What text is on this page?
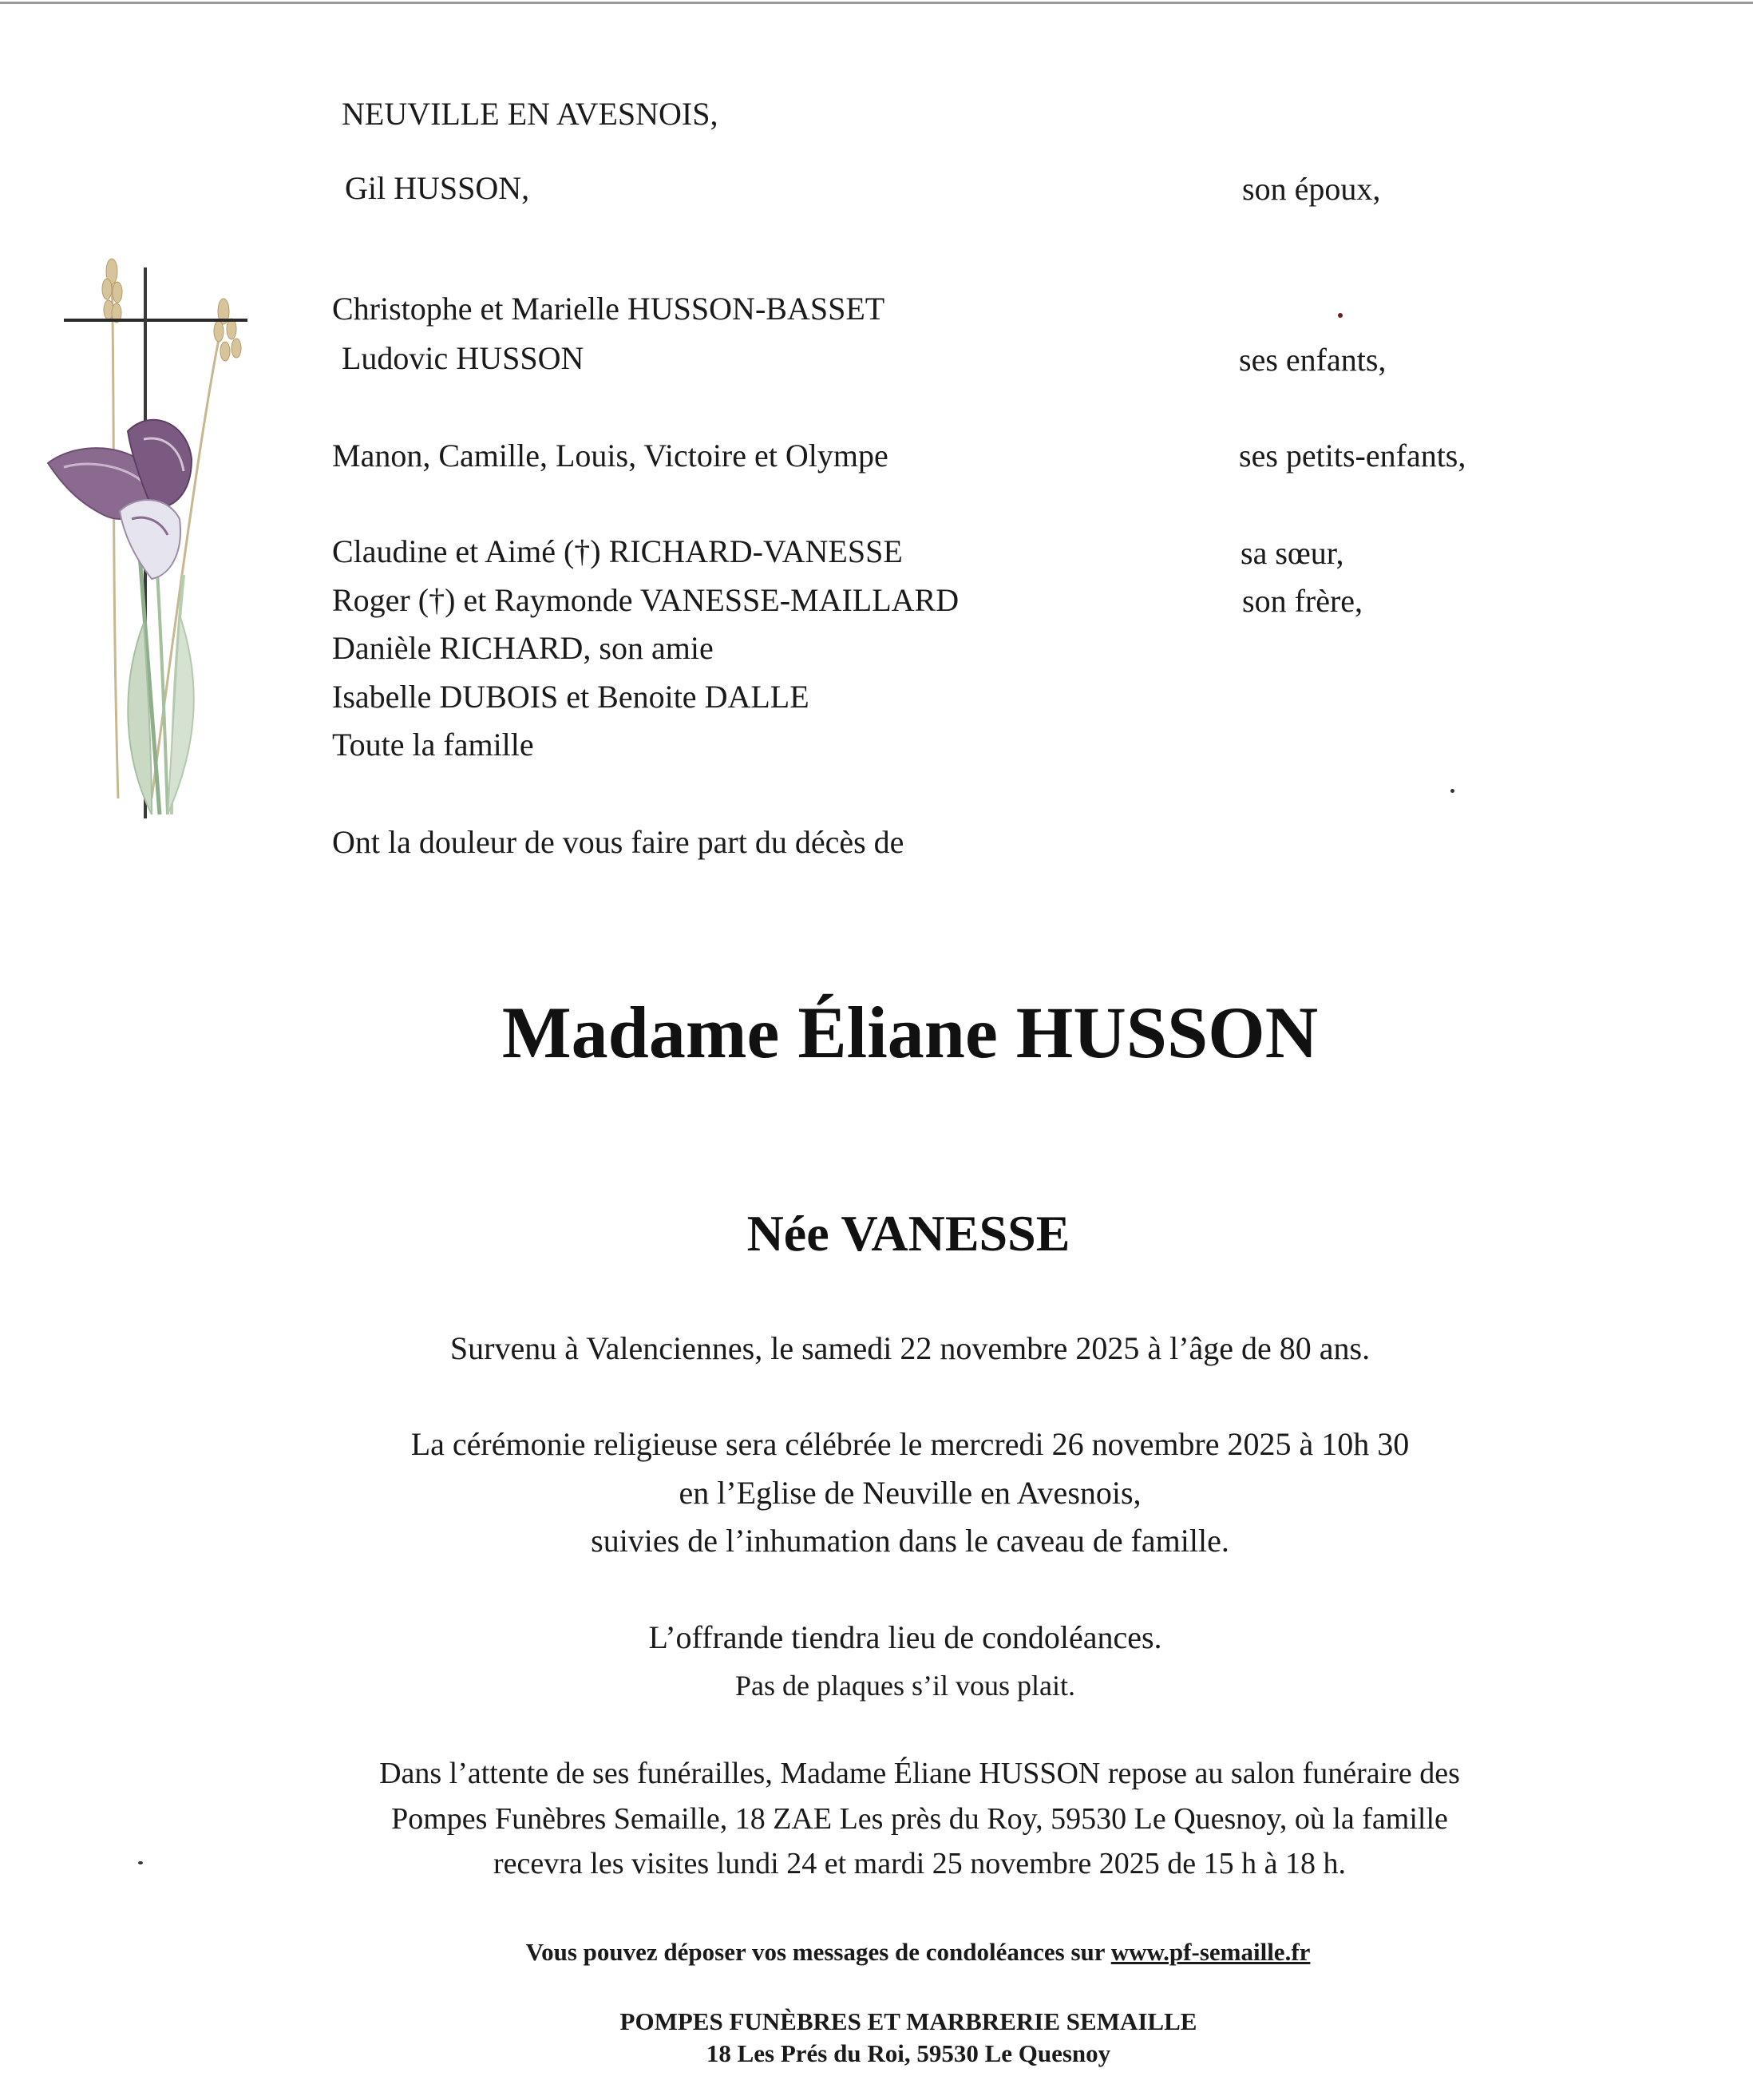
NEUVILLE EN AVESNOIS,
Gil HUSSON,	son époux,
Christophe et Marielle HUSSON-BASSET
Ludovic HUSSON	ses enfants,
Manon, Camille, Louis, Victoire et Olympe	ses petits-enfants,
Claudine et Aimé (†) RICHARD-VANESSE	sa sœur,
Roger (†) et Raymonde VANESSE-MAILLARD	son frère,
Danièle RICHARD, son amie
Isabelle DUBOIS et Benoite DALLE
Toute la famille
Ont la douleur de vous faire part du décès de
Madame Éliane HUSSON
Née VANESSE
Survenu à Valenciennes, le samedi 22 novembre 2025 à l’âge de 80 ans.
La cérémonie religieuse sera célébrée le mercredi 26 novembre 2025 à 10h 30
en l’Eglise de Neuville en Avesnois,
suivies de l’inhumation dans le caveau de famille.
L’offrande tiendra lieu de condoléances.
Pas de plaques s’il vous plait.
Dans l’attente de ses funérailles, Madame Éliane HUSSON repose au salon funéraire des
Pompes Funèbres Semaille, 18 ZAE Les près du Roy, 59530 Le Quesnoy, où la famille
recevra les visites lundi 24 et mardi 25 novembre 2025 de 15 h à 18 h.
Vous pouvez déposer vos messages de condoléances sur www.pf-semaille.fr
POMPES FUNÈBRES ET MARBRERIE SEMAILLE
18 Les Prés du Roi, 59530 Le Quesnoy
